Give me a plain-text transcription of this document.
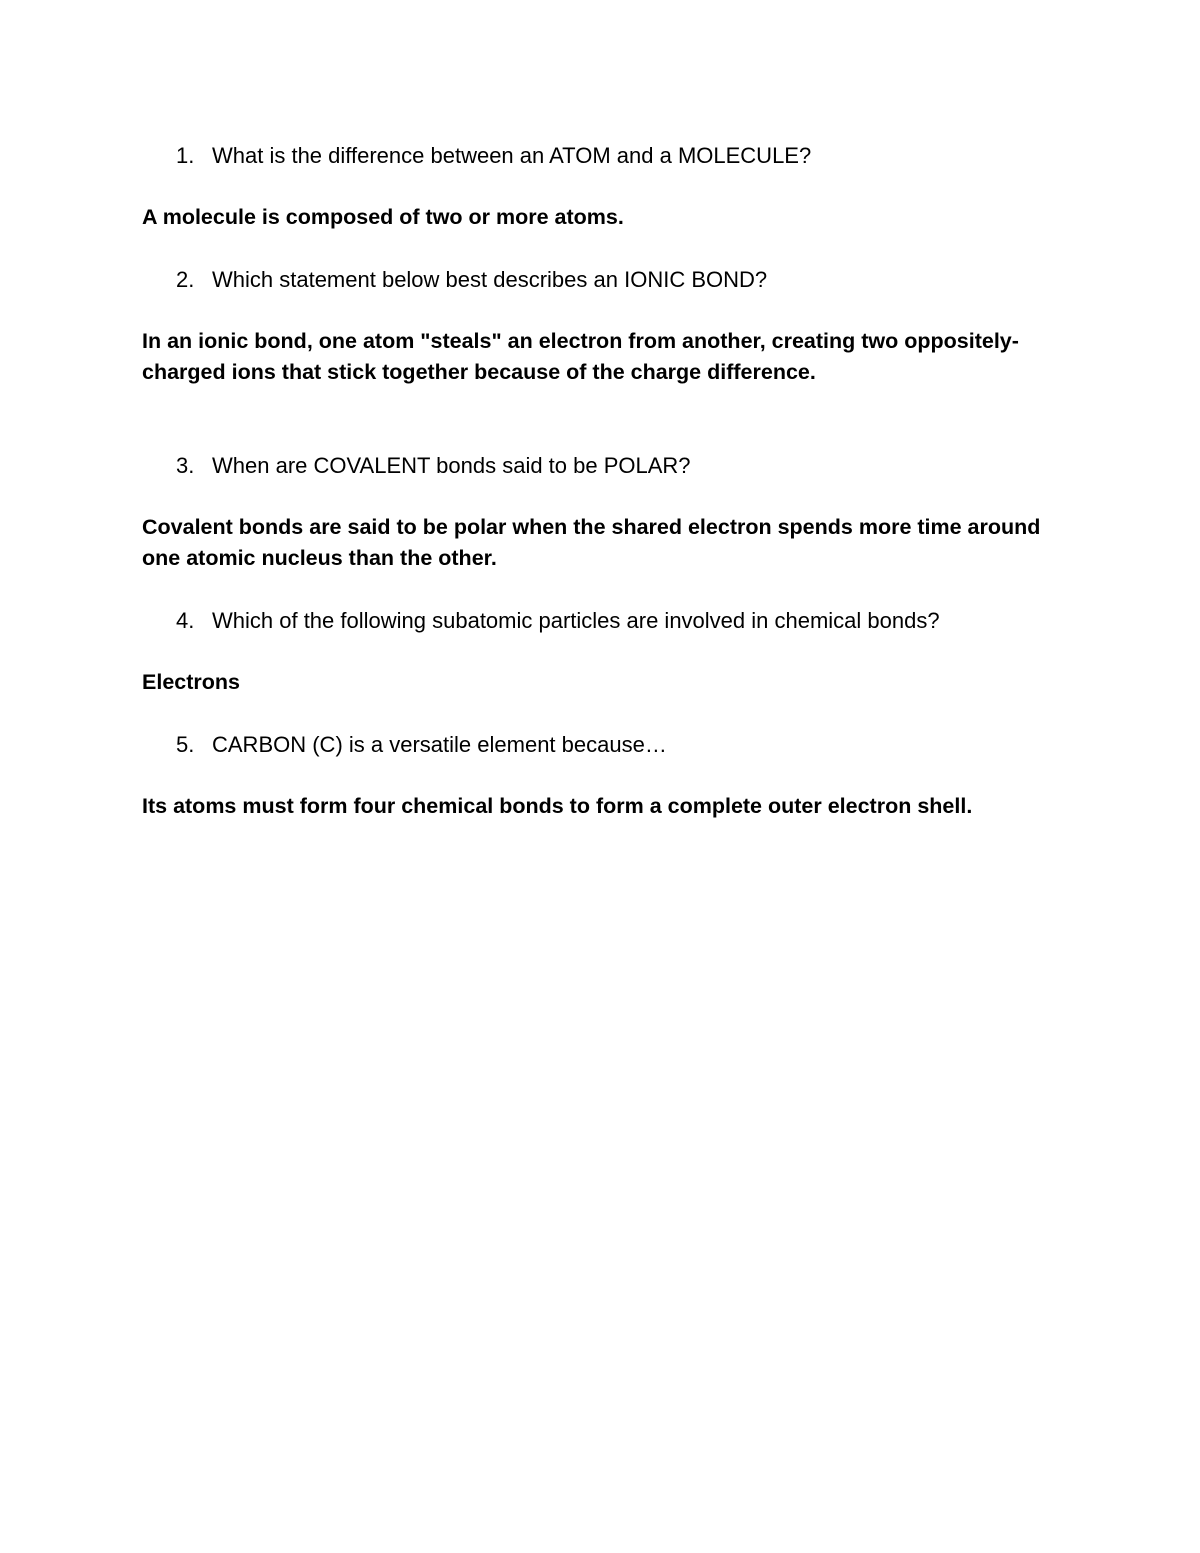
1. What is the difference between an ATOM and a MOLECULE?

A molecule is composed of two or more atoms.

2. Which statement below best describes an IONIC BOND?

In an ionic bond, one atom "steals" an electron from another, creating two oppositely-charged ions that stick together because of the charge difference.

3. When are COVALENT bonds said to be POLAR?

Covalent bonds are said to be polar when the shared electron spends more time around one atomic nucleus than the other.

4. Which of the following subatomic particles are involved in chemical bonds?

Electrons

5. CARBON (C) is a versatile element because…

Its atoms must form four chemical bonds to form a complete outer electron shell.
